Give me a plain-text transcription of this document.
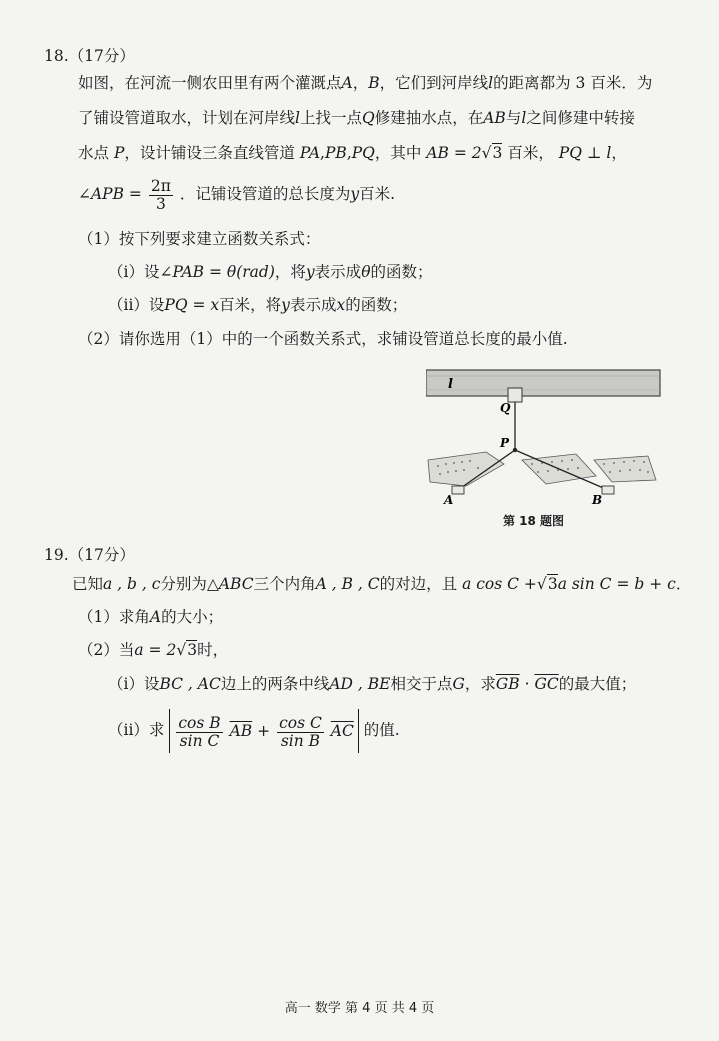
18.（17分）
如图，在河流一侧农田里有两个灌溉点A，B，它们到河岸线l的距离都为 3 百米．为
了铺设管道取水，计划在河岸线l上找一点Q修建抽水点，在AB与l之间修建中转接
水点 P，设计铺设三条直线管道 PA,PB,PQ，其中 AB = 2√3 百米， PQ ⊥ l，
∠APB = $\frac{2\pi}{3}$ ．记铺设管道的总长度为y百米.
（1）按下列要求建立函数关系式：
（i）设∠PAB = θ(rad)，将y表示成θ的函数；
（ii）设PQ = x百米，将y表示成x的函数；
（2）请你选用（1）中的一个函数关系式，求铺设管道总长度的最小值.
l
Q
P
A	B
第 18 题图
19.（17分）
已知a , b , c分别为△ABC三个内角A , B , C的对边，且 a cos C +√3a sin C = b + c．
（1）求角A的大小；
（2）当a = 2√3时，
（i）设BC , AC边上的两条中线AD , BE相交于点G，求$\overline{GB} \cdot \overline{GC}$的最大值；
（ii）求 $\frac{\text{cos B}}{\text{sin C}} \overline{AB} + \frac{\text{cos C}}{\text{sin B}} \overline{AC}$ 的值.
高一 数学 第 4 页 共 4 页
